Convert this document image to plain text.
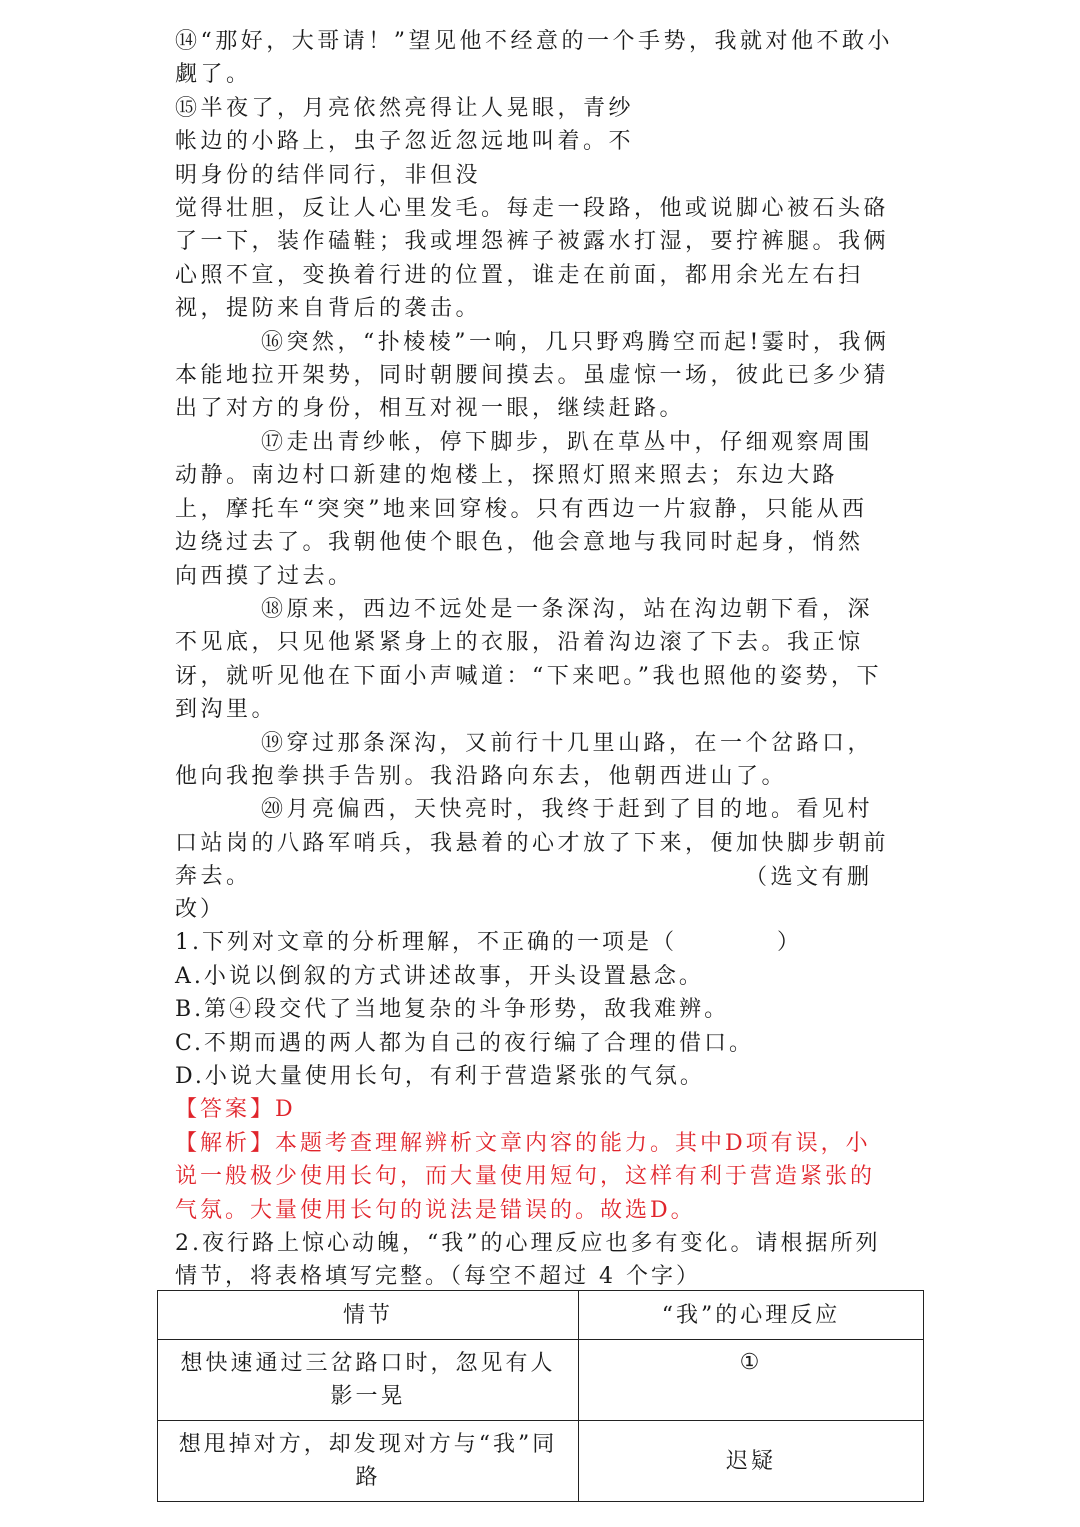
⑭“那好，大哥请！”望见他不经意的一个手势，我就对他不敢小觑了。

⑮半夜了，月亮依然亮得让人晃眼，青纱帐边的小路上，虫子忽近忽远地叫着。不明身份的结伴同行，非但没

觉得壮胆，反让人心里发毛。每走一段路，他或说脚心被石头硌了一下，装作磕鞋；我或埋怨裤子被露水打湿，要拧裤腿。我俩心照不宣，变换着行进的位置，谁走在前面，都用余光左右扫视，提防来自背后的袭击。

⑯突然，“扑棱棱”一响，几只野鸡腾空而起!霎时，我俩本能地拉开架势，同时朝腰间摸去。虽虚惊一场，彼此已多少猜出了对方的身份，相互对视一眼，继续赶路。

⑰走出青纱帐，停下脚步，趴在草丛中，仔细观察周围动静。南边村口新建的炮楼上，探照灯照来照去；东边大路上，摩托车“突突”地来回穿梭。只有西边一片寂静，只能从西边绕过去了。我朝他使个眼色，他会意地与我同时起身，悄然向西摸了过去。

⑱原来，西边不远处是一条深沟，站在沟边朝下看，深不见底，只见他紧紧身上的衣服，沿着沟边滚了下去。我正惊讶，就听见他在下面小声喊道：“下来吧。”我也照他的姿势，下到沟里。

⑲穿过那条深沟，又前行十几里山路，在一个岔路口，他向我抱拳拱手告别。我沿路向东去，他朝西进山了。

⑳月亮偏西，天快亮时，我终于赶到了目的地。看见村口站岗的八路军哨兵，我悬着的心才放了下来，便加快脚步朝前奔去。	（选文有删

改）

1.下列对文章的分析理解，不正确的一项是（　　　　）

A.小说以倒叙的方式讲述故事，开头设置悬念。

B.第④段交代了当地复杂的斗争形势，敌我难辨。

C.不期而遇的两人都为自己的夜行编了合理的借口。

D.小说大量使用长句，有利于营造紧张的气氛。

【答案】D

【解析】本题考查理解辨析文章内容的能力。其中D项有误，小说一般极少使用长句，而大量使用短句，这样有利于营造紧张的气氛。大量使用长句的说法是错误的。故选D。

2.夜行路上惊心动魄，“我”的心理反应也多有变化。请根据所列情节，将表格填写完整。（每空不超过 4 个字）

情节	“我”的心理反应
想快速通过三岔路口时，忽见有人影一晃	①
想甩掉对方，却发现对方与“我”同路	迟疑
